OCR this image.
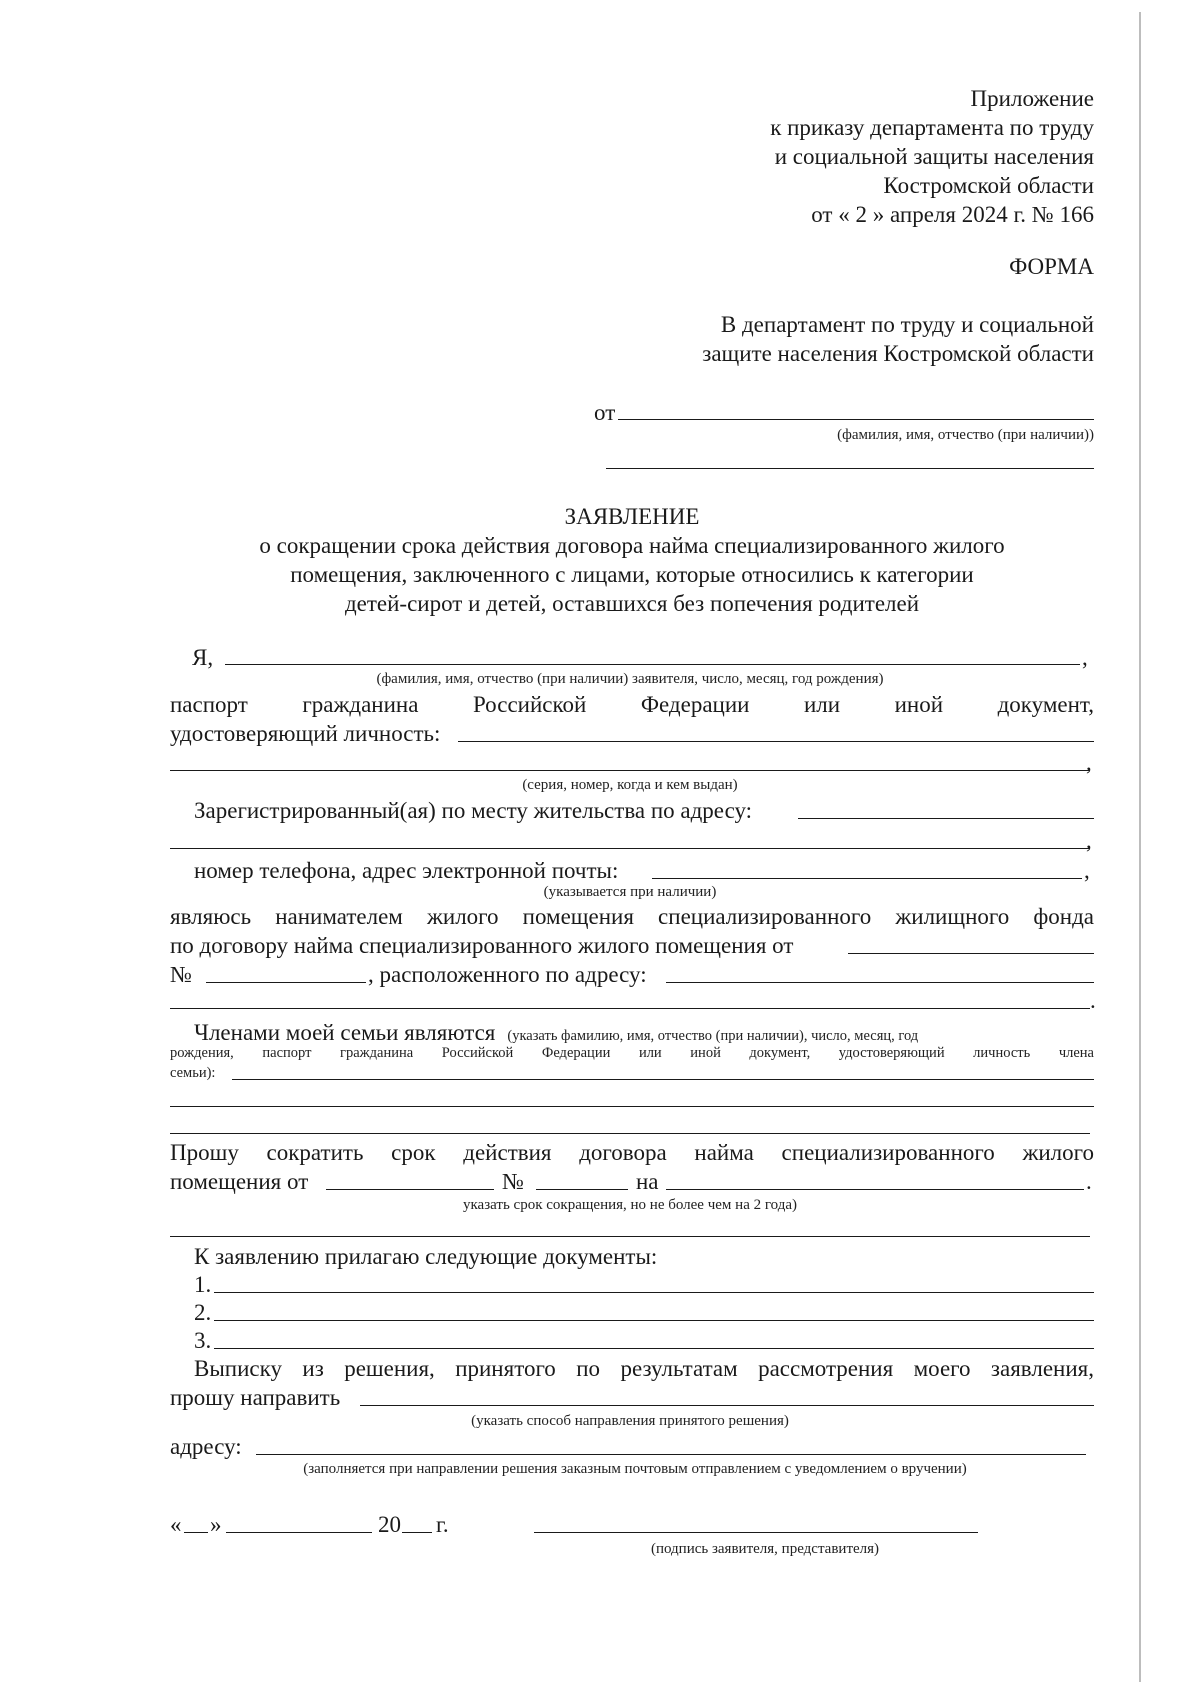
Приложение
к приказу департамента по труду
и социальной защиты населения
Костромской области
от « 2 » апреля 2024 г. № 166
ФОРМА
В департамент по труду и социальной
защите населения Костромской области
от
(фамилия, имя, отчество (при наличии))
ЗАЯВЛЕНИЕ
о сокращении срока действия договора найма специализированного жилого
помещения, заключенного с лицами, которые относились к категории
детей-сирот и детей, оставшихся без попечения родителей
Я,	,
(фамилия, имя, отчество (при наличии) заявителя, число, месяц, год рождения)
паспорт гражданина Российской Федерации или иной документ,
удостоверяющий личность:
,
(серия, номер, когда и кем выдан)
Зарегистрированный(ая) по месту жительства по адресу:
,
номер телефона, адрес электронной почты:	,
(указывается при наличии)
являюсь нанимателем жилого помещения специализированного жилищного фонда
по договору найма специализированного жилого помещения от
№	, расположенного по адресу:
.
Членами моей семьи являются (указать фамилию, имя, отчество (при наличии), число, месяц, год
рождения, паспорт гражданина Российской Федерации или иной документ, удостоверяющий личность члена
семьи):
Прошу сократить срок действия договора найма специализированного жилого
помещения от	№	на	.
указать срок сокращения, но не более чем на 2 года)
К заявлению прилагаю следующие документы:
1.
2.
3.
Выписку из решения, принятого по результатам рассмотрения моего заявления,
прошу направить
(указать способ направления принятого решения)
адресу:
(заполняется при направлении решения заказным почтовым отправлением с уведомлением о вручении)
« »	20 г.
(подпись заявителя, представителя)
